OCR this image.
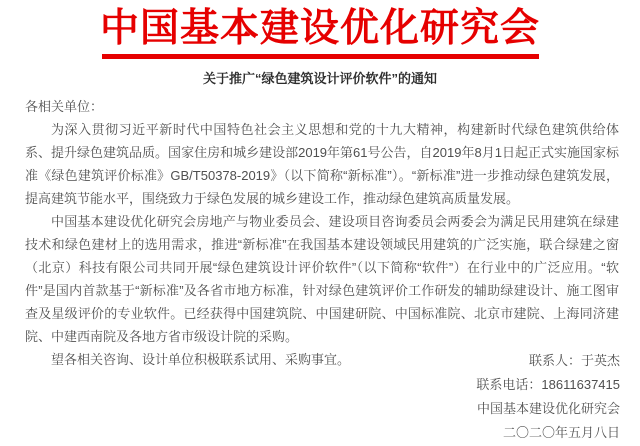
中国基本建设优化研究会
关于推广“绿色建筑设计评价软件”的通知

各相关单位：

为深入贯彻习近平新时代中国特色社会主义思想和党的十九大精神，构建新时代绿色建筑供给体系、提升绿色建筑品质。国家住房和城乡建设部2019年第61号公告，自2019年8月1日起正式实施国家标准《绿色建筑评价标准》GB/T50378-2019》（以下简称“新标准”）。“新标准”进一步推动绿色建筑发展，提高建筑节能水平，围绕致力于绿色发展的城乡建设工作，推动绿色建筑高质量发展。

中国基本建设优化研究会房地产与物业委员会、建设项目咨询委员会两委会为满足民用建筑在绿建技术和绿色建材上的选用需求，推进“新标准”在我国基本建设领域民用建筑的广泛实施，联合绿建之窗（北京）科技有限公司共同开展“绿色建筑设计评价软件”（以下简称“软件”）在行业中的广泛应用。“软件”是国内首款基于“新标准”及各省市地方标准，针对绿色建筑评价工作研发的辅助绿建设计、施工图审查及星级评价的专业软件。已经获得中国建筑院、中国建研院、中国标准院、北京市建院、上海同济建院、中建西南院及各地方省市级设计院的采购。

望各相关咨询、设计单位积极联系试用、采购事宜。	联系人：于英杰

联系电话：18611637415

中国基本建设优化研究会

二〇二〇年五月八日
